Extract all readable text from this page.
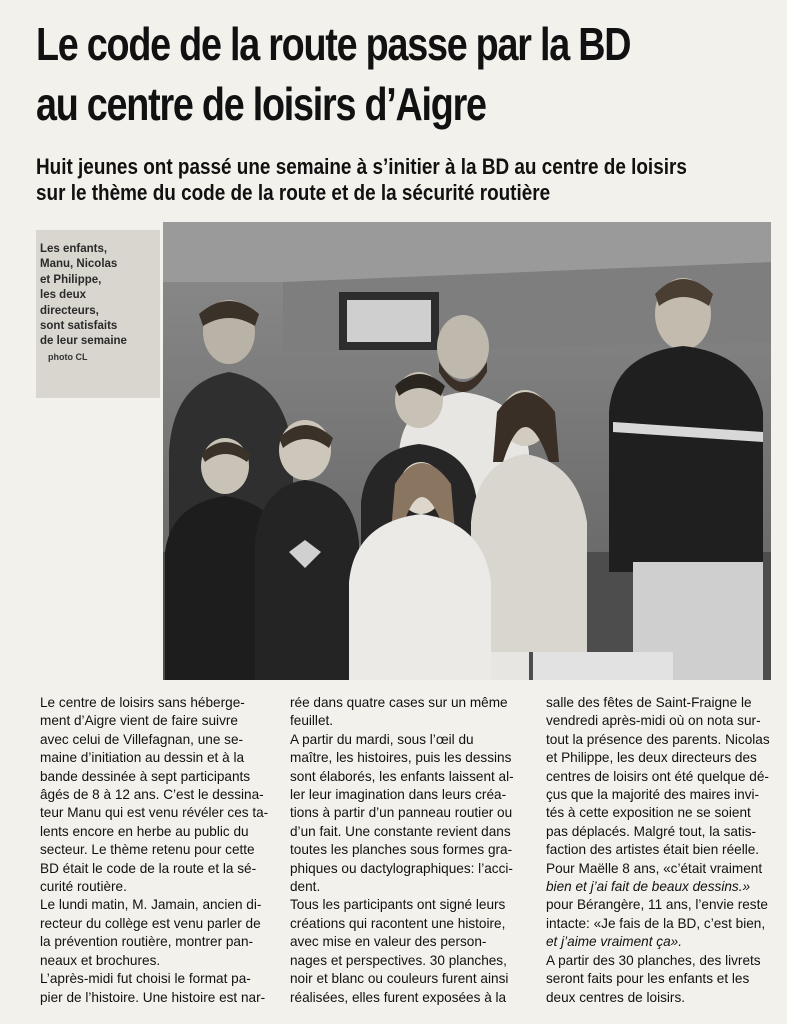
Le code de la route passe par la BD
au centre de loisirs d’Aigre
Huit jeunes ont passé une semaine à s’initier à la BD au centre de loisirs
sur le thème du code de la route et de la sécurité routière
Les enfants,
Manu, Nicolas
et Philippe,
les deux
directeurs,
sont satisfaits
de leur semaine
photo CL
Le centre de loisirs sans héberge-
ment d’Aigre vient de faire suivre
avec celui de Villefagnan, une se-
maine d’initiation au dessin et à la
bande dessinée à sept participants
âgés de 8 à 12 ans. C’est le dessina-
teur Manu qui est venu révéler ces ta-
lents encore en herbe au public du
secteur. Le thème retenu pour cette
BD était le code de la route et la sé-
curité routière.
Le lundi matin, M. Jamain, ancien di-
recteur du collège est venu parler de
la prévention routière, montrer pan-
neaux et brochures.
L’après-midi fut choisi le format pa-
pier de l’histoire. Une histoire est nar-
rée dans quatre cases sur un même
feuillet.
A partir du mardi, sous l’œil du
maître, les histoires, puis les dessins
sont élaborés, les enfants laissent al-
ler leur imagination dans leurs créa-
tions à partir d’un panneau routier ou
d’un fait. Une constante revient dans
toutes les planches sous formes gra-
phiques ou dactylographiques: l’acci-
dent.
Tous les participants ont signé leurs
créations qui racontent une histoire,
avec mise en valeur des person-
nages et perspectives. 30 planches,
noir et blanc ou couleurs furent ainsi
réalisées, elles furent exposées à la
salle des fêtes de Saint-Fraigne le
vendredi après-midi où on nota sur-
tout la présence des parents. Nicolas
et Philippe, les deux directeurs des
centres de loisirs ont été quelque dé-
çus que la majorité des maires invi-
tés à cette exposition ne se soient
pas déplacés. Malgré tout, la satis-
faction des artistes était bien réelle.
Pour Maëlle 8 ans, «c’était vraiment
bien et j’ai fait de beaux dessins.»
pour Bérangère, 11 ans, l’envie reste
intacte: «Je fais de la BD, c’est bien,
et j’aime vraiment ça».
A partir des 30 planches, des livrets
seront faits pour les enfants et les
deux centres de loisirs.
